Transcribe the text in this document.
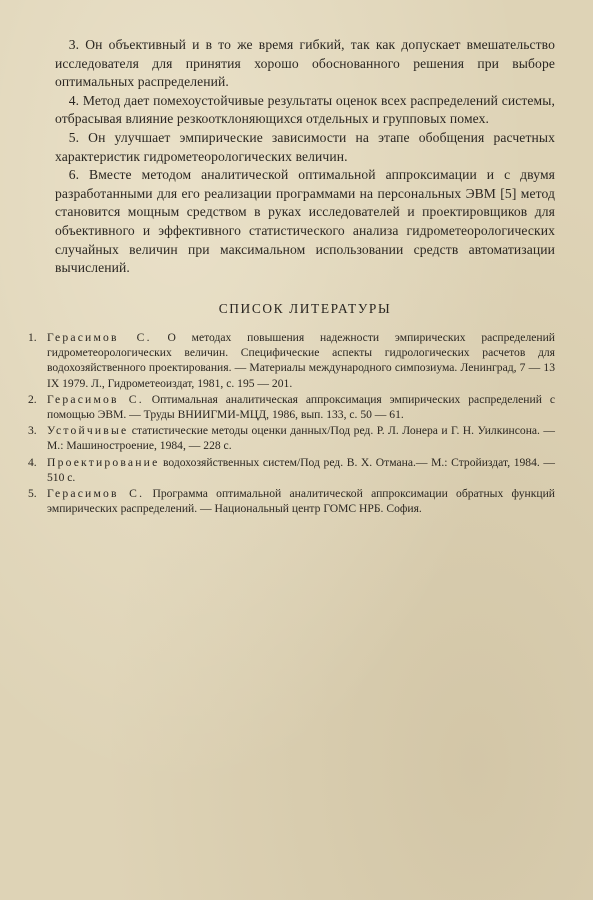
 3. Он объективный и в то же время гибкий, так как допускает вмешательство исследователя для принятия хорошо обоснованного решения при выборе оптимальных распределений.

 4. Метод дает помехоустойчивые результаты оценок всех распределений системы, отбрасывая влияние резкоотклоняющихся отдельных и групповых помех.

 5. Он улучшает эмпирические зависимости на этапе обобщения расчетных характеристик гидрометеорологических величин.

 6. Вместе методом аналитической оптимальной аппроксимации и с двумя разработанными для его реализации программами на персональных ЭВМ [5] метод становится мощным средством в руках исследователей и проектировщиков для объективного и эффективного статистического анализа гидрометеорологических случайных величин при максимальном использовании средств автоматизации вычислений.

СПИСОК ЛИТЕРАТУРЫ
1. Герасимов С. О методах повышения надежности эмпирических распределений гидрометеорологических величин. Специфические аспекты гидрологических расчетов для водохозяйственного проектирования. — Материалы международного симпозиума. Ленинград, 7 — 13 IX 1979. Л., Гидрометеоиздат, 1981, с. 195 — 201.
2. Герасимов С. Оптимальная аналитическая аппроксимация эмпирических распределений с помощью ЭВМ. — Труды ВНИИГМИ-МЦД, 1986, вып. 133, с. 50 — 61.
3. Устойчивые статистические методы оценки данных/Под ред. Р. Л. Лонера и Г. Н. Уилкинсона. — М.: Машиностроение, 1984, — 228 с.
4. Проектирование водохозяйственных систем/Под ред. В. Х. Отмана.— М.: Стройиздат, 1984. — 510 с.
5. Герасимов С. Программа оптимальной аналитической аппроксимации обратных функций эмпирических распределений. — Национальный центр ГОМС НРБ. София.
